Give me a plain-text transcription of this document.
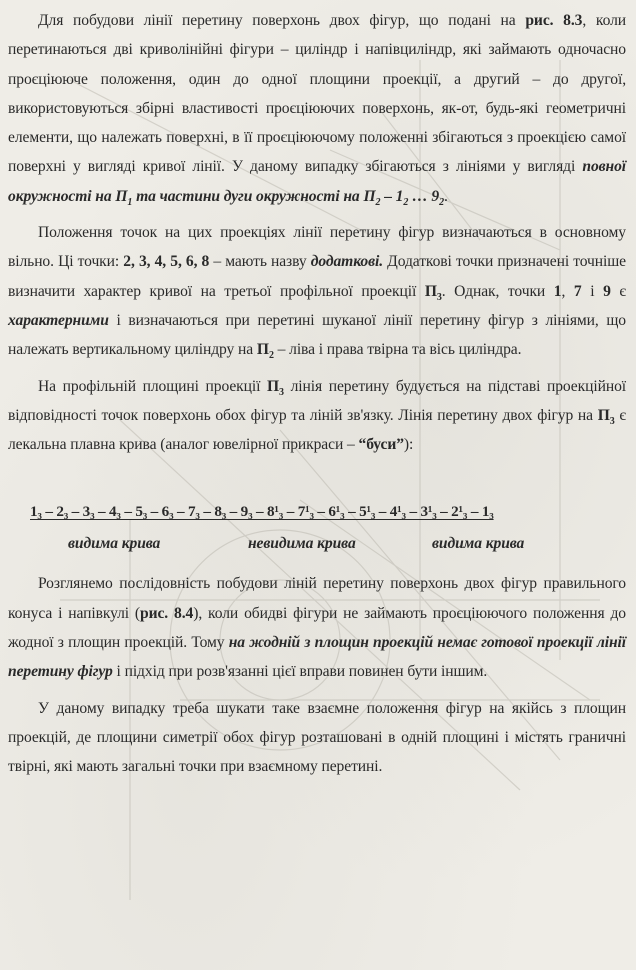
Для побудови лінії перетину поверхонь двох фігур, що подані на рис. 8.3, коли перетинаються дві криволінійні фігури – циліндр і напівциліндр, які займають одночасно проєціююче положення, один до одної площини проекції, а другий – до другої, використовуються збірні властивості проєціюючих поверхонь, як-от, будь-які геометричні елементи, що належать поверхні, в її проєціюючому положенні збігаються з проекцією самої поверхні у вигляді кривої лінії. У даному випадку збігаються з лініями у вигляді повної окружності на $П_1$ та частини дуги окружності на $П_2 - 1_2$ … $9_2$.

Положення точок на цих проекціях лінії перетину фігур визначаються в основному вільно. Ці точки: 2, 3, 4, 5, 6, 8 – мають назву додаткові. Додаткові точки призначені точніше визначити характер кривої на третьої профільної проекції $П_3$. Однак, точки 1, 7 і 9 є характерними і визначаються при перетині шуканої лінії перетину фігур з лініями, що належать вертикальному циліндру на $П_2$ – ліва і права твірна та вісь циліндра.

На профільній площині проекції $П_3$ лінія перетину будується на підставі проекційної відповідності точок поверхонь обох фігур та ліній зв'язку. Лінія перетину двох фігур на $П_3$ є лекальна плавна крива (аналог ювелірної прикраси – “буси”):

1₃ – 2₃ – 3₃ – 4₃ – 5₃ – 6₃ – 7₃ – 8₃ – 9₃ – 8¹₃ – 7¹₃ – 6¹₃ – 5¹₃ – 4¹₃ – 3¹₃ – 2¹₃ – 1₃
видима крива	невидима крива	видима крива

Розглянемо послідовність побудови ліній перетину поверхонь двох фігур правильного конуса і напівкулі (рис. 8.4), коли обидві фігури не займають проєціюючого положення до жодної з площин проекцій. Тому на жодній з площин проекцій немає готової проекції лінії перетину фігур і підхід при розв'язанні цієї вправи повинен бути іншим.

У даному випадку треба шукати таке взаємне положення фігур на якійсь з площин проекцій, де площини симетрії обох фігур розташовані в одній площині і містять граничні твірні, які мають загальні точки при взаємному перетині.
